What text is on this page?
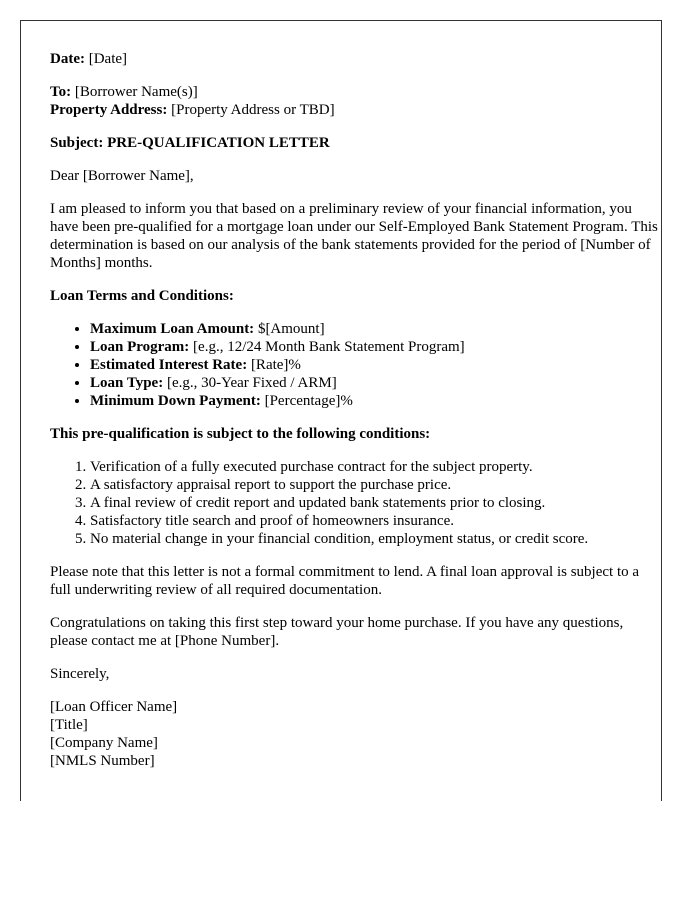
Date: [Date]

To: [Borrower Name(s)]
Property Address: [Property Address or TBD]

Subject: PRE-QUALIFICATION LETTER

Dear [Borrower Name],

I am pleased to inform you that based on a preliminary review of your financial information, you have been pre-qualified for a mortgage loan under our Self-Employed Bank Statement Program. This determination is based on our analysis of the bank statements provided for the period of [Number of Months] months.

Loan Terms and Conditions:

• Maximum Loan Amount: $[Amount]
• Loan Program: [e.g., 12/24 Month Bank Statement Program]
• Estimated Interest Rate: [Rate]%
• Loan Type: [e.g., 30-Year Fixed / ARM]
• Minimum Down Payment: [Percentage]%

This pre-qualification is subject to the following conditions:

1. Verification of a fully executed purchase contract for the subject property.
2. A satisfactory appraisal report to support the purchase price.
3. A final review of credit report and updated bank statements prior to closing.
4. Satisfactory title search and proof of homeowners insurance.
5. No material change in your financial condition, employment status, or credit score.

Please note that this letter is not a formal commitment to lend. A final loan approval is subject to a full underwriting review of all required documentation.

Congratulations on taking this first step toward your home purchase. If you have any questions, please contact me at [Phone Number].

Sincerely,

[Loan Officer Name]
[Title]
[Company Name]
[NMLS Number]
